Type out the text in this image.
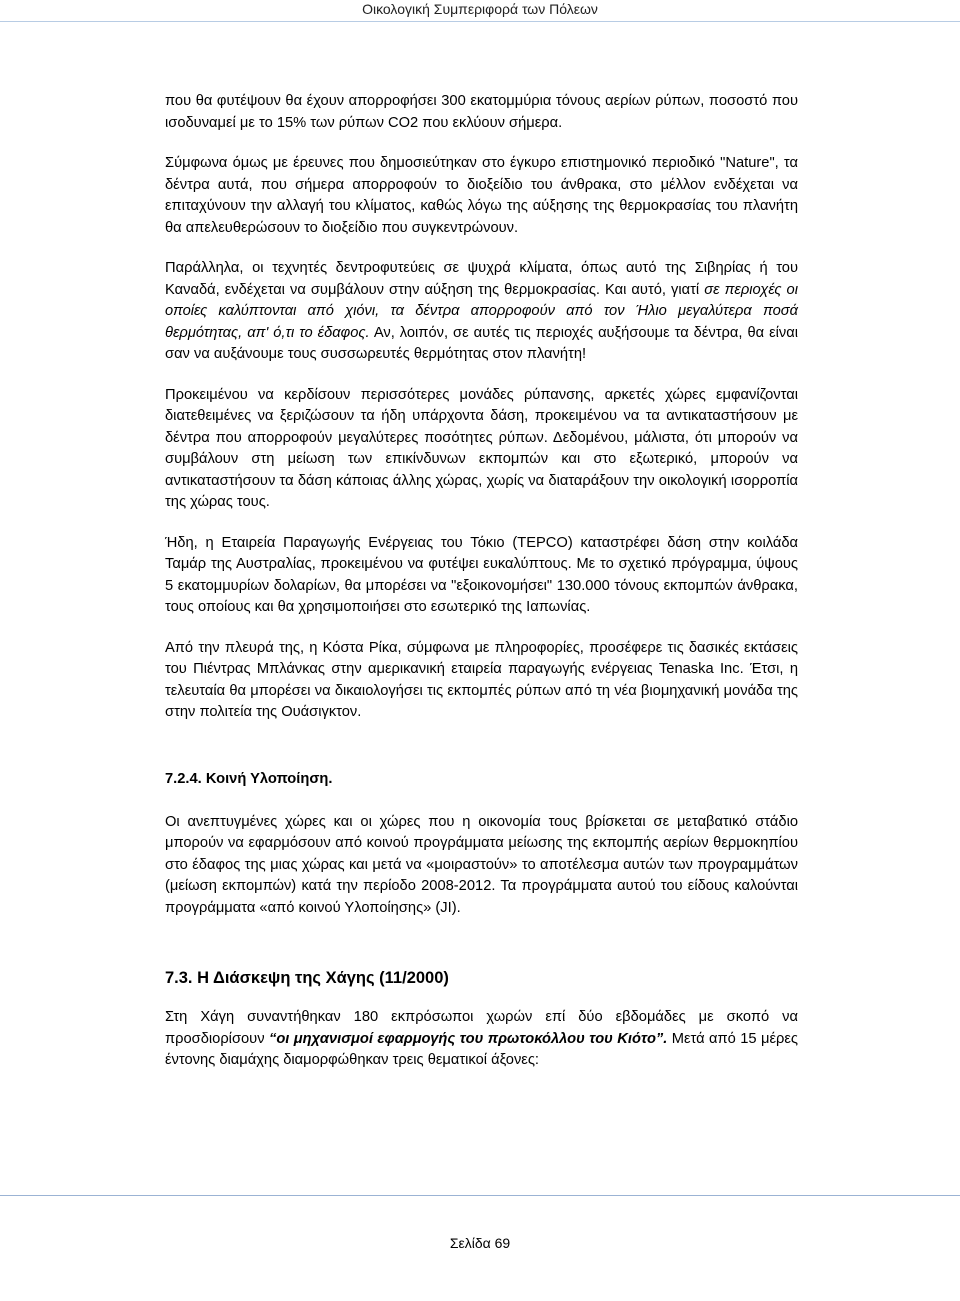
Οικολογική Συμπεριφορά των Πόλεων

που θα φυτέψουν θα έχουν απορροφήσει 300 εκατομμύρια τόνους αερίων ρύπων, ποσοστό που ισοδυναμεί με το 15% των ρύπων CO2 που εκλύουν σήμερα.

Σύμφωνα όμως με έρευνες που δημοσιεύτηκαν στο έγκυρο επιστημονικό περιοδικό "Nature", τα δέντρα αυτά, που σήμερα απορροφούν το διοξείδιο του άνθρακα, στο μέλλον ενδέχεται να επιταχύνουν την αλλαγή του κλίματος, καθώς λόγω της αύξησης της θερμοκρασίας του πλανήτη θα απελευθερώσουν το διοξείδιο που συγκεντρώνουν.

Παράλληλα, οι τεχνητές δεντροφυτεύεις σε ψυχρά κλίματα, όπως αυτό της Σιβηρίας ή του Καναδά, ενδέχεται να συμβάλουν στην αύξηση της θερμοκρασίας. Και αυτό, γιατί σε περιοχές οι οποίες καλύπτονται από χιόνι, τα δέντρα απορροφούν από τον Ήλιο μεγαλύτερα ποσά θερμότητας, απ' ό,τι το έδαφος. Αν, λοιπόν, σε αυτές τις περιοχές αυξήσουμε τα δέντρα, θα είναι σαν να αυξάνουμε τους συσσωρευτές θερμότητας στον πλανήτη!

Προκειμένου να κερδίσουν περισσότερες μονάδες ρύπανσης, αρκετές χώρες εμφανίζονται διατεθειμένες να ξεριζώσουν τα ήδη υπάρχοντα δάση, προκειμένου να τα αντικαταστήσουν με δέντρα που απορροφούν μεγαλύτερες ποσότητες ρύπων. Δεδομένου, μάλιστα, ότι μπορούν να συμβάλουν στη μείωση των επικίνδυνων εκπομπών και στο εξωτερικό, μπορούν να αντικαταστήσουν τα δάση κάποιας άλλης χώρας, χωρίς να διαταράξουν την οικολογική ισορροπία της χώρας τους.

Ήδη, η Εταιρεία Παραγωγής Ενέργειας του Τόκιο (TEPCO) καταστρέφει δάση στην κοιλάδα Ταμάρ της Αυστραλίας, προκειμένου να φυτέψει ευκαλύπτους. Με το σχετικό πρόγραμμα, ύψους 5 εκατομμυρίων δολαρίων, θα μπορέσει να "εξοικονομήσει" 130.000 τόνους εκπομπών άνθρακα, τους οποίους και θα χρησιμοποιήσει στο εσωτερικό της Ιαπωνίας.

Από την πλευρά της, η Κόστα Ρίκα, σύμφωνα με πληροφορίες, προσέφερε τις δασικές εκτάσεις του Πιέντρας Μπλάνκας στην αμερικανική εταιρεία παραγωγής ενέργειας Tenaska Inc. Έτσι, η τελευταία θα μπορέσει να δικαιολογήσει τις εκπομπές ρύπων από τη νέα βιομηχανική μονάδα της στην πολιτεία της Ουάσιγκτον.

7.2.4. Κοινή Υλοποίηση.

Οι ανεπτυγμένες χώρες και οι χώρες που η οικονομία τους βρίσκεται σε μεταβατικό στάδιο μπορούν να εφαρμόσουν από κοινού προγράμματα μείωσης της εκπομπής αερίων θερμοκηπίου στο έδαφος της μιας χώρας και μετά να «μοιραστούν» το αποτέλεσμα αυτών των προγραμμάτων (μείωση εκπομπών) κατά την περίοδο 2008-2012. Τα προγράμματα αυτού του είδους καλούνται προγράμματα «από κοινού Υλοποίησης» (JI).

7.3. Η Διάσκεψη της Χάγης (11/2000)

Στη Χάγη συναντήθηκαν 180 εκπρόσωποι χωρών επί δύο εβδομάδες με σκοπό να προσδιορίσουν “οι μηχανισμοί εφαρμογής του πρωτοκόλλου του Κιότο”. Μετά από 15 μέρες έντονης διαμάχης διαμορφώθηκαν τρεις θεματικοί άξονες:

Σελίδα 69
